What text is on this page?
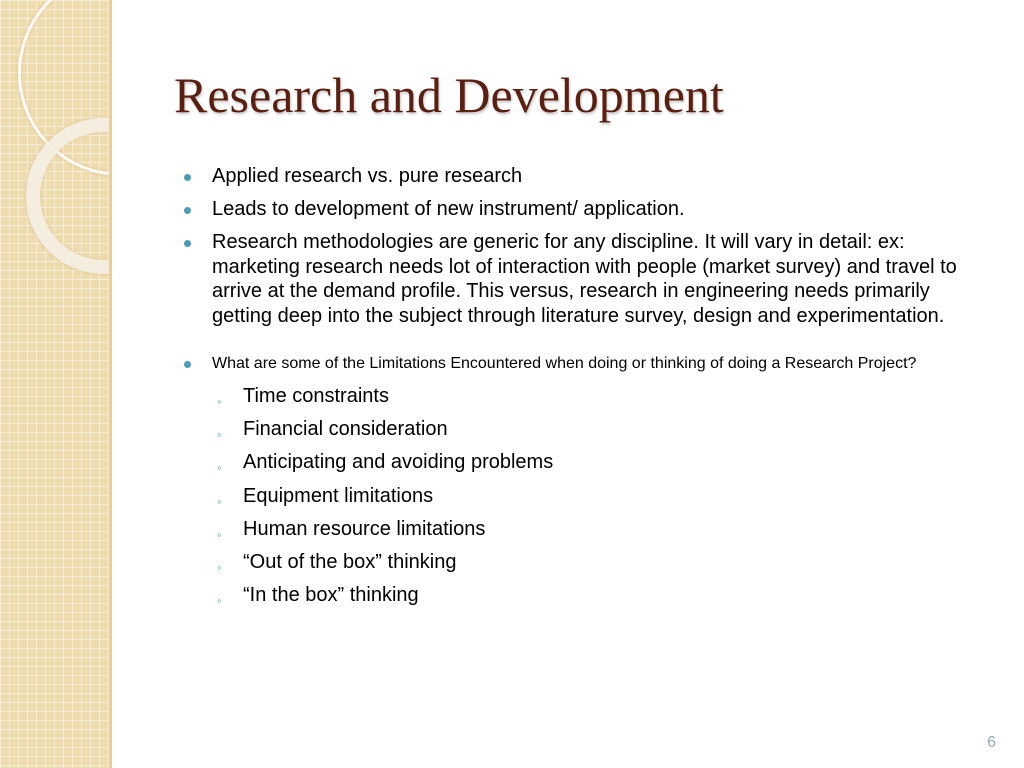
Research and Development
Applied research vs. pure research
Leads to development of new instrument/ application.
Research methodologies are generic for any discipline. It will vary in detail: ex: marketing research needs lot of interaction with people (market survey) and travel to arrive at the demand profile. This versus, research in engineering needs primarily getting deep into the subject through literature survey, design and experimentation.
What are some of the Limitations Encountered when doing or thinking of doing a Research Project?
◦ Time constraints
◦ Financial consideration
◦ Anticipating and avoiding problems
◦ Equipment limitations
◦ Human resource limitations
◦ “Out of the box” thinking
◦ “In the box” thinking
6
